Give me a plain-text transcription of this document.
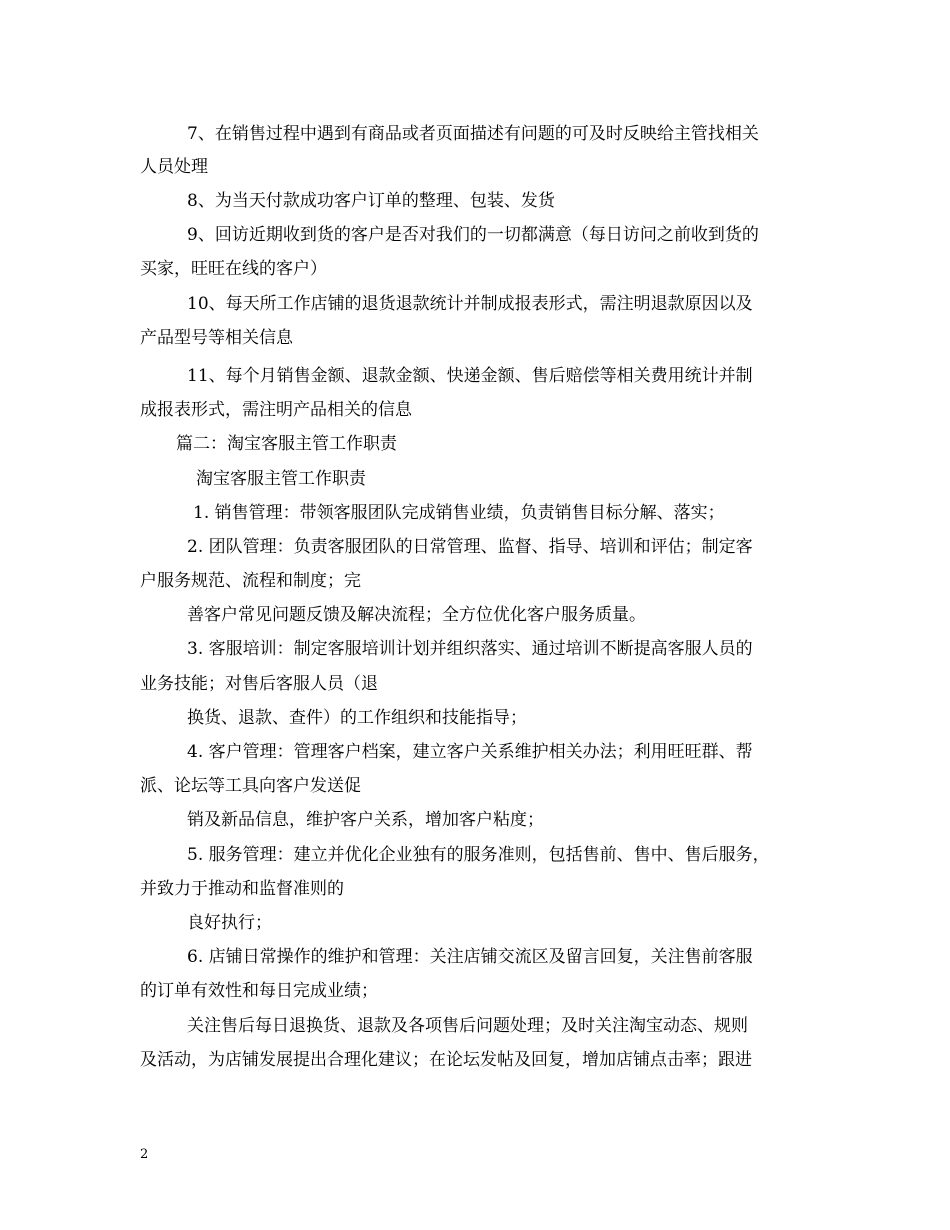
7、在销售过程中遇到有商品或者页面描述有问题的可及时反映给主管找相关
人员处理
8、为当天付款成功客户订单的整理、包装、发货
9、回访近期收到货的客户是否对我们的一切都满意（每日访问之前收到货的
买家，旺旺在线的客户）
10、每天所工作店铺的退货退款统计并制成报表形式，需注明退款原因以及
产品型号等相关信息
11、每个月销售金额、退款金额、快递金额、售后赔偿等相关费用统计并制
成报表形式，需注明产品相关的信息
篇二：淘宝客服主管工作职责
淘宝客服主管工作职责
1. 销售管理：带领客服团队完成销售业绩，负责销售目标分解、落实；
2. 团队管理：负责客服团队的日常管理、监督、指导、培训和评估；制定客
户服务规范、流程和制度；完
善客户常见问题反馈及解决流程；全方位优化客户服务质量。
3. 客服培训：制定客服培训计划并组织落实、通过培训不断提高客服人员的
业务技能；对售后客服人员（退
换货、退款、查件）的工作组织和技能指导；
4. 客户管理：管理客户档案，建立客户关系维护相关办法；利用旺旺群、帮
派、论坛等工具向客户发送促
销及新品信息，维护客户关系，增加客户粘度；
5. 服务管理：建立并优化企业独有的服务准则，包括售前、售中、售后服务，
并致力于推动和监督准则的
良好执行；
6. 店铺日常操作的维护和管理：关注店铺交流区及留言回复，关注售前客服
的订单有效性和每日完成业绩；
关注售后每日退换货、退款及各项售后问题处理；及时关注淘宝动态、规则
及活动，为店铺发展提出合理化建议；在论坛发帖及回复，增加店铺点击率；跟进
2
